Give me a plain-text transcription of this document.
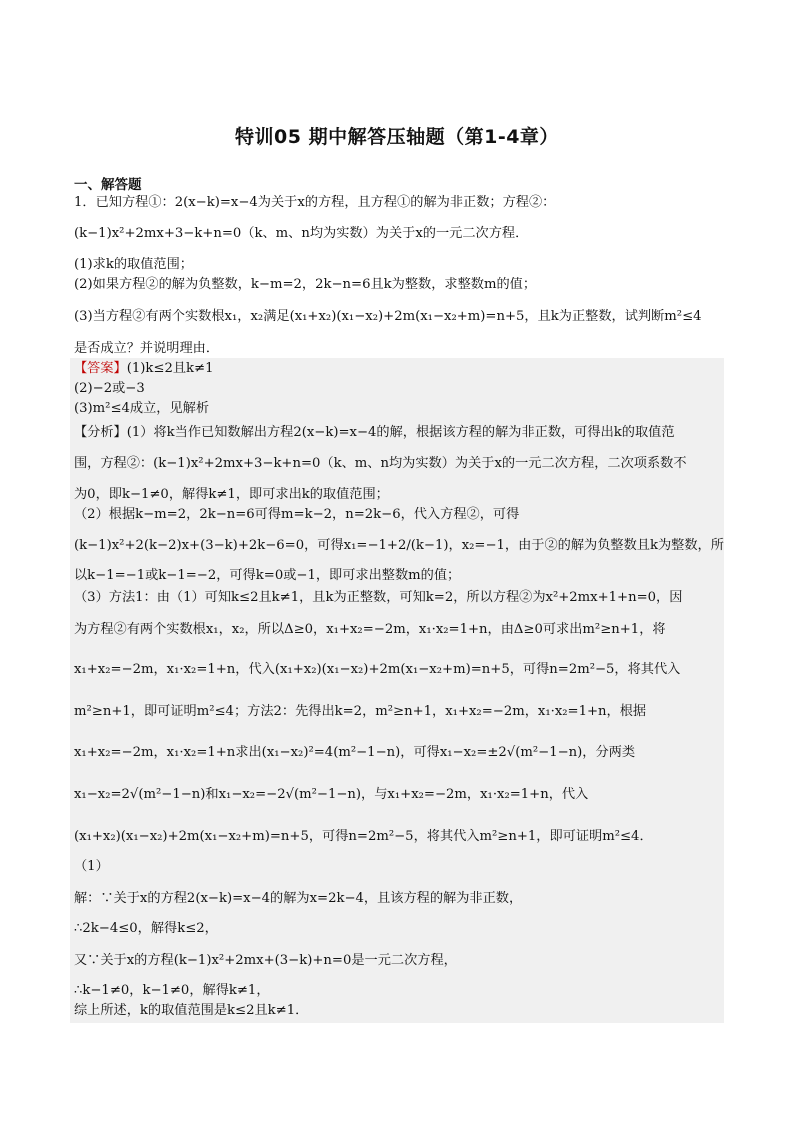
特训05 期中解答压轴题（第1-4章）
一、解答题
1．已知方程①：2(x−k)=x−4为关于x的方程，且方程①的解为非正数；方程②：
(k−1)x²+2mx+3−k+n=0（k、m、n均为实数）为关于x的一元二次方程．
(1)求k的取值范围；
(2)如果方程②的解为负整数，k−m=2，2k−n=6且k为整数，求整数m的值；
(3)当方程②有两个实数根x₁，x₂满足(x₁+x₂)(x₁−x₂)+2m(x₁−x₂+m)=n+5，且k为正整数，试判断m²≤4
是否成立？并说明理由．
【答案】(1)k≤2且k≠1
(2)−2或−3
(3)m²≤4成立，见解析
【分析】(1）将k当作已知数解出方程2(x−k)=x−4的解，根据该方程的解为非正数，可得出k的取值范
围，方程②：(k−1)x²+2mx+3−k+n=0（k、m、n均为实数）为关于x的一元二次方程，二次项系数不
为0，即k−1≠0，解得k≠1，即可求出k的取值范围；
（2）根据k−m=2，2k−n=6可得m=k−2，n=2k−6，代入方程②，可得
(k−1)x²+2(k−2)x+(3−k)+2k−6=0，可得x₁=−1+2/(k−1)，x₂=−1，由于②的解为负整数且k为整数，所
以k−1=−1或k−1=−2，可得k=0或−1，即可求出整数m的值；
（3）方法1：由（1）可知k≤2且k≠1，且k为正整数，可知k=2，所以方程②为x²+2mx+1+n=0，因
为方程②有两个实数根x₁，x₂，所以Δ≥0，x₁+x₂=−2m，x₁·x₂=1+n，由Δ≥0可求出m²≥n+1，将
x₁+x₂=−2m，x₁·x₂=1+n，代入(x₁+x₂)(x₁−x₂)+2m(x₁−x₂+m)=n+5，可得n=2m²−5，将其代入
m²≥n+1，即可证明m²≤4；方法2：先得出k=2，m²≥n+1，x₁+x₂=−2m，x₁·x₂=1+n，根据
x₁+x₂=−2m，x₁·x₂=1+n求出(x₁−x₂)²=4(m²−1−n)，可得x₁−x₂=±2√(m²−1−n)，分两类
x₁−x₂=2√(m²−1−n)和x₁−x₂=−2√(m²−1−n)，与x₁+x₂=−2m，x₁·x₂=1+n，代入
(x₁+x₂)(x₁−x₂)+2m(x₁−x₂+m)=n+5，可得n=2m²−5，将其代入m²≥n+1，即可证明m²≤4．
（1）
解：∵关于x的方程2(x−k)=x−4的解为x=2k−4，且该方程的解为非正数，
∴2k−4≤0，解得k≤2，
又∵关于x的方程(k−1)x²+2mx+(3−k)+n=0是一元二次方程，
∴k−1≠0，k−1≠0，解得k≠1，
综上所述，k的取值范围是k≤2且k≠1．
